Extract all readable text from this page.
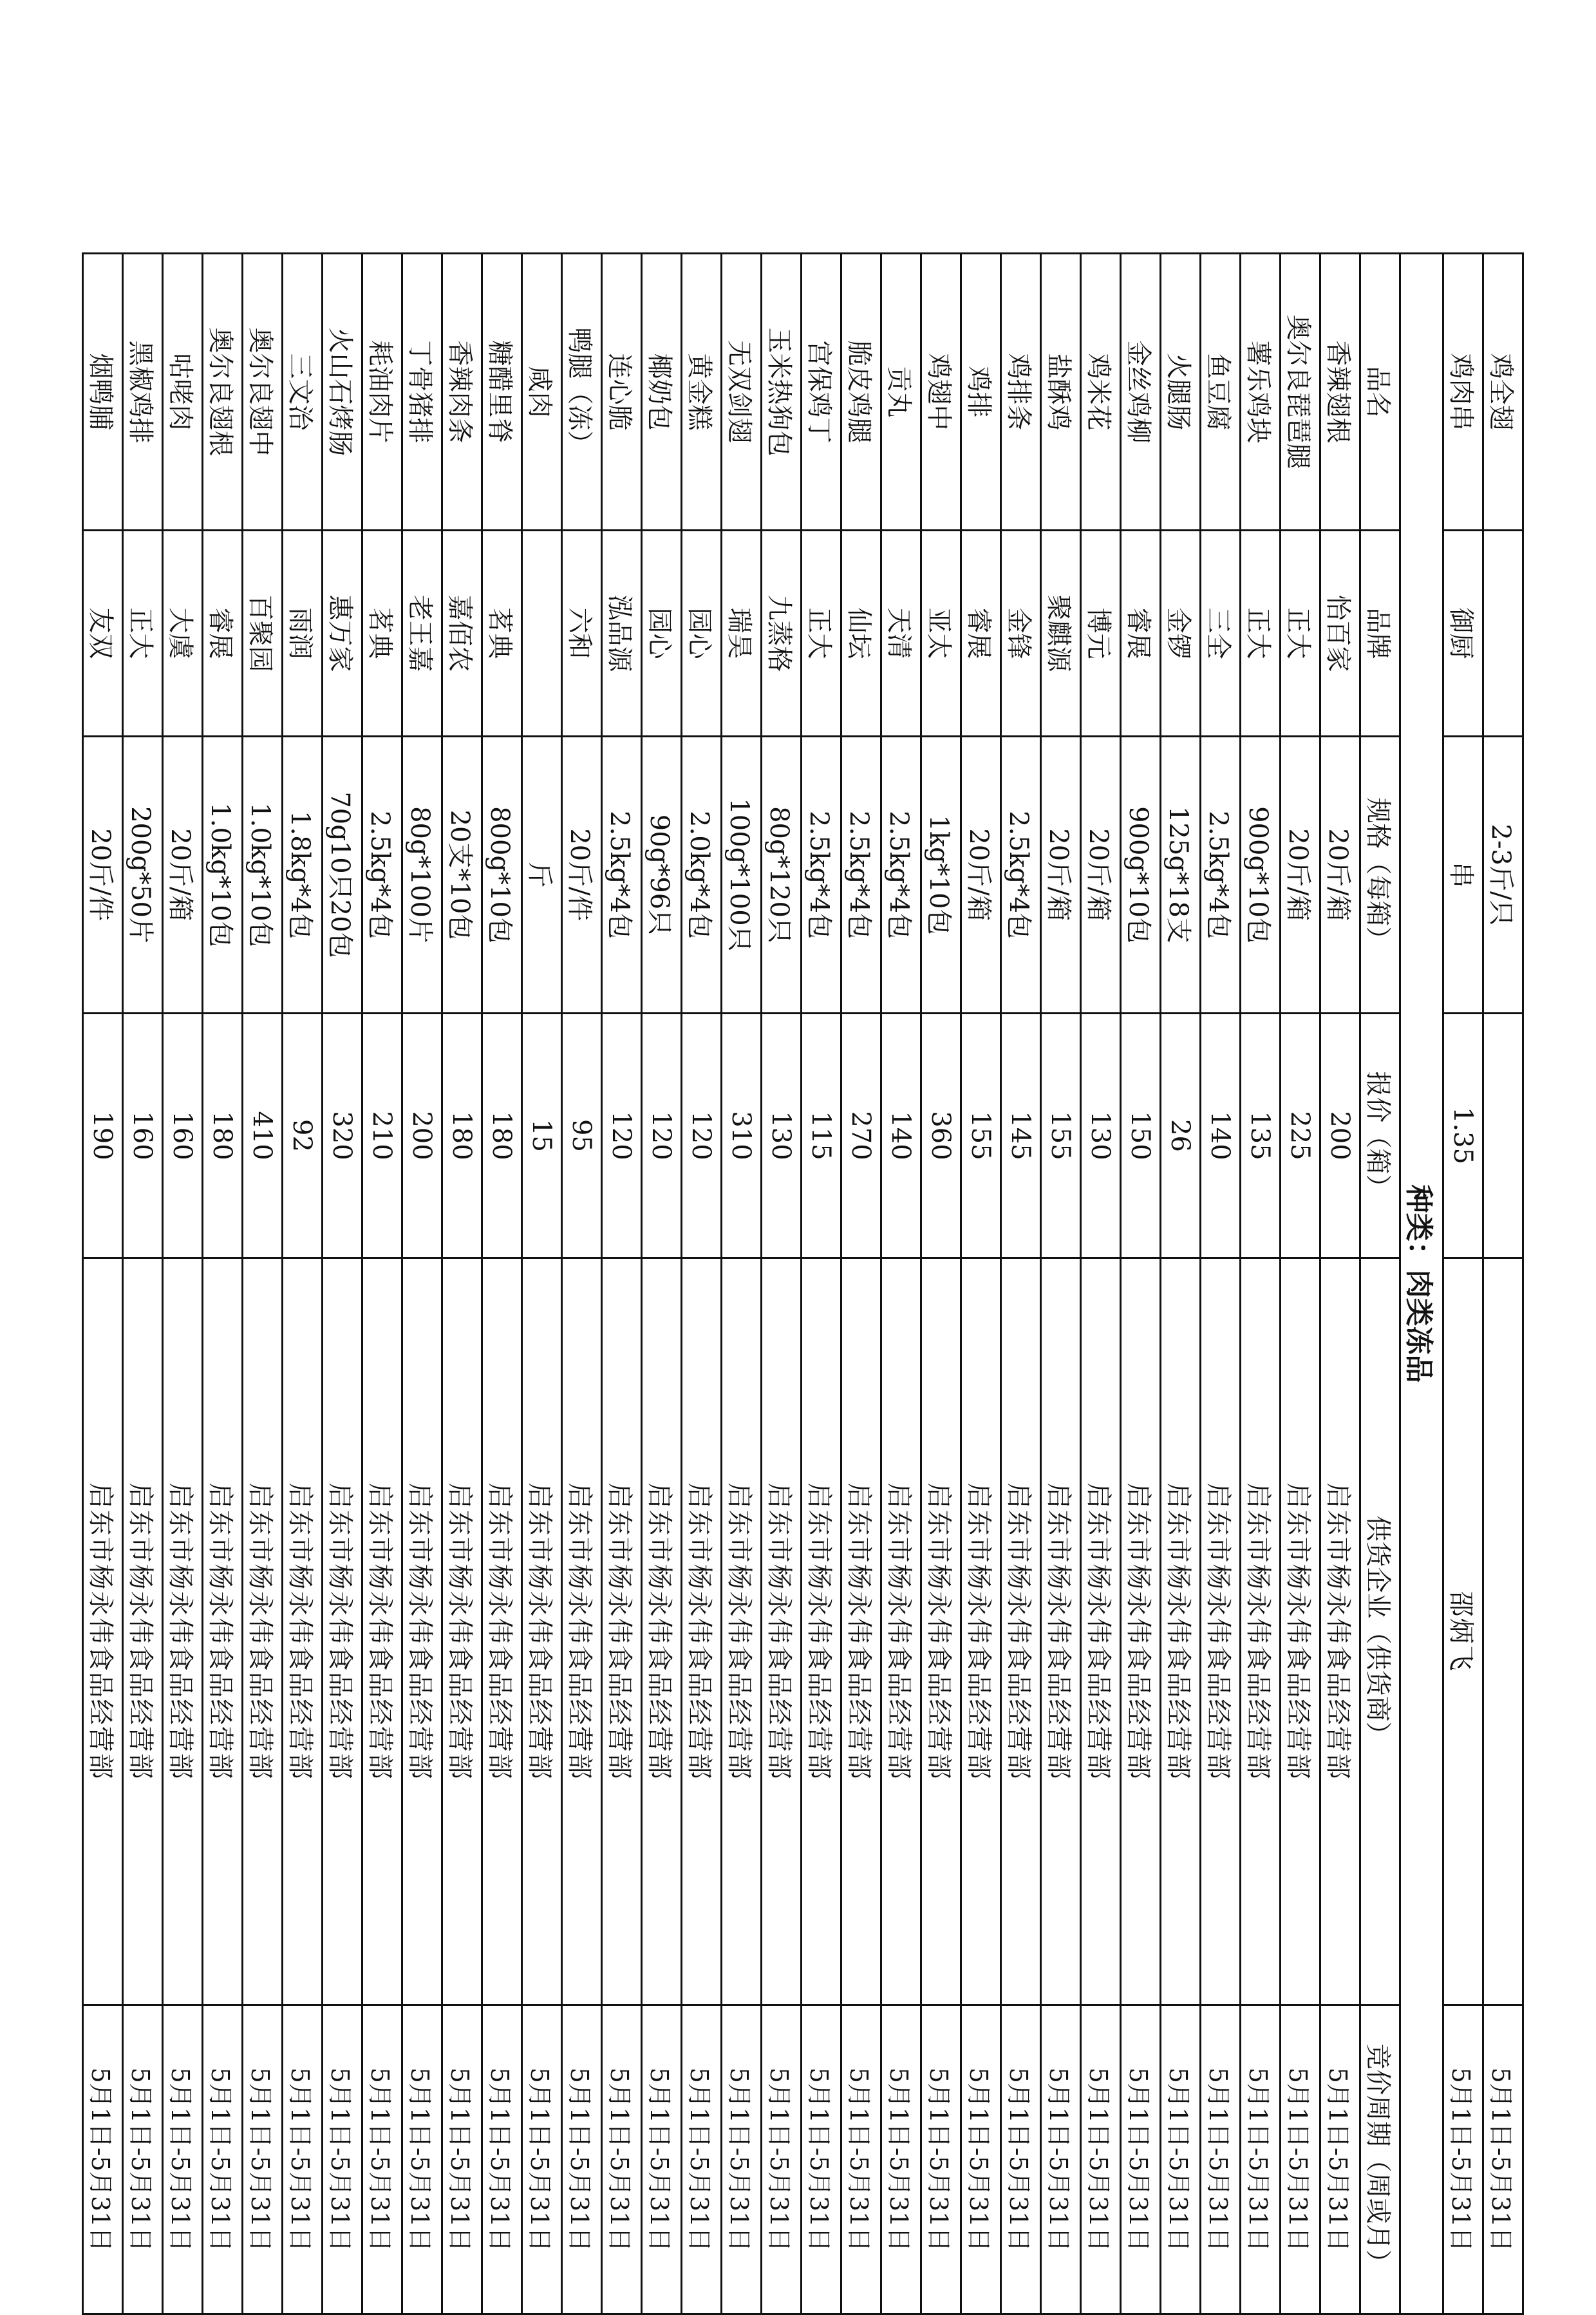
鸡全翅		2-3斤/只			5月1日-5月31日
鸡肉串	御厨	串	1.35	邵炳飞	5月1日-5月31日
种类：肉类冻品					
品名	品牌	规格（每箱）	报价（箱）	供货企业（供货商）	竞价周期（周或月）
香辣翅根	怡百家	20斤/箱	200	启东市杨永伟食品经营部	5月1日-5月31日
奥尔良琵琶腿	正大	20斤/箱	225	启东市杨永伟食品经营部	5月1日-5月31日
薯乐鸡块	正大	900g*10包	135	启东市杨永伟食品经营部	5月1日-5月31日
鱼豆腐	三全	2.5kg*4包	140	启东市杨永伟食品经营部	5月1日-5月31日
火腿肠	金锣	125g*18支	26	启东市杨永伟食品经营部	5月1日-5月31日
金丝鸡柳	睿展	900g*10包	150	启东市杨永伟食品经营部	5月1日-5月31日
鸡米花	博元	20斤/箱	130	启东市杨永伟食品经营部	5月1日-5月31日
盐酥鸡	聚麒源	20斤/箱	155	启东市杨永伟食品经营部	5月1日-5月31日
鸡排条	金锋	2.5kg*4包	145	启东市杨永伟食品经营部	5月1日-5月31日
鸡排	睿展	20斤/箱	155	启东市杨永伟食品经营部	5月1日-5月31日
鸡翅中	亚太	1kg*10包	360	启东市杨永伟食品经营部	5月1日-5月31日
贡丸	天清	2.5kg*4包	140	启东市杨永伟食品经营部	5月1日-5月31日
脆皮鸡腿	仙坛	2.5kg*4包	270	启东市杨永伟食品经营部	5月1日-5月31日
宫保鸡丁	正大	2.5kg*4包	115	启东市杨永伟食品经营部	5月1日-5月31日
玉米热狗包	九蒸格	80g*120只	130	启东市杨永伟食品经营部	5月1日-5月31日
无双剑翅	瑞昊	100g*100只	310	启东市杨永伟食品经营部	5月1日-5月31日
黄金糕	园心	2.0kg*4包	120	启东市杨永伟食品经营部	5月1日-5月31日
椰奶包	园心	90g*96只	120	启东市杨永伟食品经营部	5月1日-5月31日
连心脆	泓品源	2.5kg*4包	120	启东市杨永伟食品经营部	5月1日-5月31日
鸭腿（冻）	六和	20斤/件	95	启东市杨永伟食品经营部	5月1日-5月31日
咸肉		斤	15	启东市杨永伟食品经营部	5月1日-5月31日
糖醋里脊	茗典	800g*10包	180	启东市杨永伟食品经营部	5月1日-5月31日
香辣肉条	嘉佰农	20支*10包	180	启东市杨永伟食品经营部	5月1日-5月31日
丁骨猪排	老王嘉	80g*100片	200	启东市杨永伟食品经营部	5月1日-5月31日
耗油肉片	茗典	2.5kg*4包	210	启东市杨永伟食品经营部	5月1日-5月31日
火山石烤肠	惠万家	70g10只20包	320	启东市杨永伟食品经营部	5月1日-5月31日
三文治	雨润	1.8kg*4包	92	启东市杨永伟食品经营部	5月1日-5月31日
奥尔良翅中	百聚园	1.0kg*10包	410	启东市杨永伟食品经营部	5月1日-5月31日
奥尔良翅根	睿展	1.0kg*10包	180	启东市杨永伟食品经营部	5月1日-5月31日
咕咾肉	大虞	20斤/箱	160	启东市杨永伟食品经营部	5月1日-5月31日
黑椒鸡排	正大	200g*50片	160	启东市杨永伟食品经营部	5月1日-5月31日
烟鸭脯	友双	20斤/件	190	启东市杨永伟食品经营部	5月1日-5月31日
